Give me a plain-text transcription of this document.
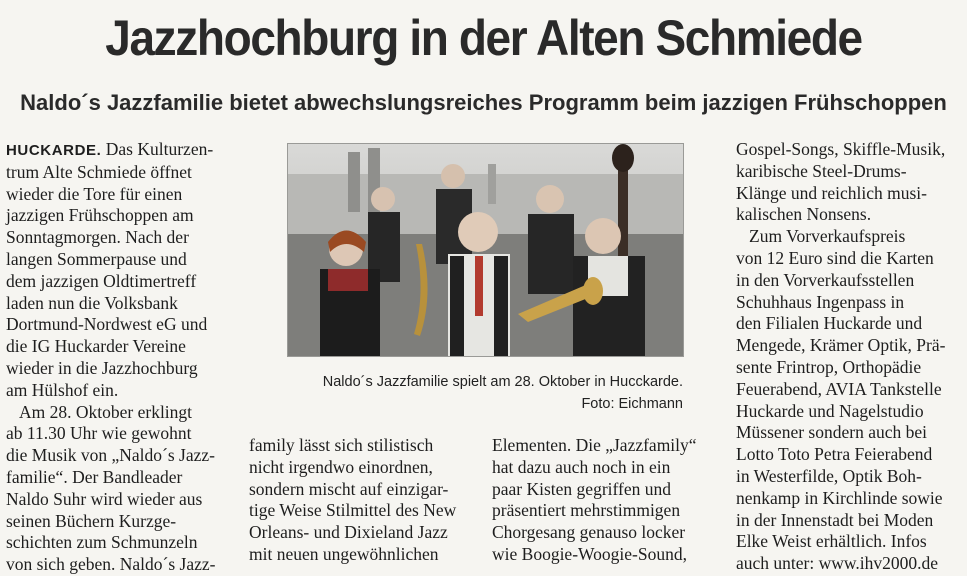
Jazzhochburg in der Alten Schmiede
Naldo´s Jazzfamilie bietet abwechslungsreiches Programm beim jazzigen Frühschoppen
HUCKARDE. Das Kulturzen-
trum Alte Schmiede öffnet
wieder die Tore für einen
jazzigen Frühschoppen am
Sonntagmorgen. Nach der
langen Sommerpause und
dem jazzigen Oldtimertreff
laden nun die Volksbank
Dortmund-Nordwest eG und
die IG Huckarder Vereine
wieder in die Jazzhochburg
am Hülshof ein.
Am 28. Oktober erklingt
ab 11.30 Uhr wie gewohnt
die Musik von „Naldo´s Jazz-
familie“. Der Bandleader
Naldo Suhr wird wieder aus
seinen Büchern Kurzge-
schichten zum Schmunzeln
von sich geben. Naldo´s Jazz-
Naldo´s Jazzfamilie spielt am 28. Oktober in Hucckarde.
Foto: Eichmann
family lässt sich stilistisch
nicht irgendwo einordnen,
sondern mischt auf einzigar-
tige Weise Stilmittel des New
Orleans- und Dixieland Jazz
mit neuen ungewöhnlichen
Elementen. Die „Jazzfamily“
hat dazu auch noch in ein
paar Kisten gegriffen und
präsentiert mehrstimmigen
Chorgesang genauso locker
wie Boogie-Woogie-Sound,
Gospel-Songs, Skiffle-Musik,
karibische Steel-Drums-
Klänge und reichlich musi-
kalischen Nonsens.
Zum Vorverkaufspreis
von 12 Euro sind die Karten
in den Vorverkaufsstellen
Schuhhaus Ingenpass in
den Filialen Huckarde und
Mengede, Krämer Optik, Prä-
sente Frintrop, Orthopädie
Feuerabend, AVIA Tankstelle
Huckarde und Nagelstudio
Müssener sondern auch bei
Lotto Toto Petra Feierabend
in Westerfilde, Optik Boh-
nenkamp in Kirchlinde sowie
in der Innenstadt bei Moden
Elke Weist erhältlich. Infos
auch unter: www.ihv2000.de
